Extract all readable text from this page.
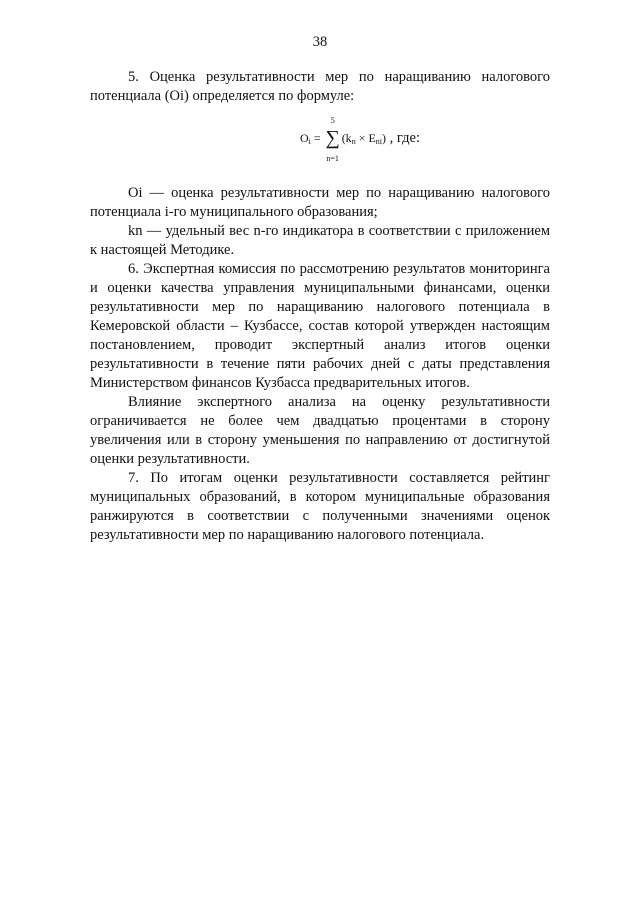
38

5. Оценка результативности мер по наращиванию налогового потенциала (Оi) определяется по формуле:

$O_i$ =
5
∑
n=1
$(k_n \times E_{ni})$ , где:

Оi — оценка результативности мер по наращиванию налогового потенциала i-го муниципального образования;

kn — удельный вес n-го индикатора в соответствии с приложением к настоящей Методике.

6. Экспертная комиссия по рассмотрению результатов мониторинга и оценки качества управления муниципальными финансами, оценки результативности мер по наращиванию налогового потенциала в Кемеровской области – Кузбассе, состав которой утвержден настоящим постановлением, проводит экспертный анализ итогов оценки результативности в течение пяти рабочих дней с даты представления Министерством финансов Кузбасса предварительных итогов.

Влияние экспертного анализа на оценку результативности ограничивается не более чем двадцатью процентами в сторону увеличения или в сторону уменьшения по направлению от достигнутой оценки результативности.

7. По итогам оценки результативности составляется рейтинг муниципальных образований, в котором муниципальные образования ранжируются в соответствии с полученными значениями оценок результативности мер по наращиванию налогового потенциала.
